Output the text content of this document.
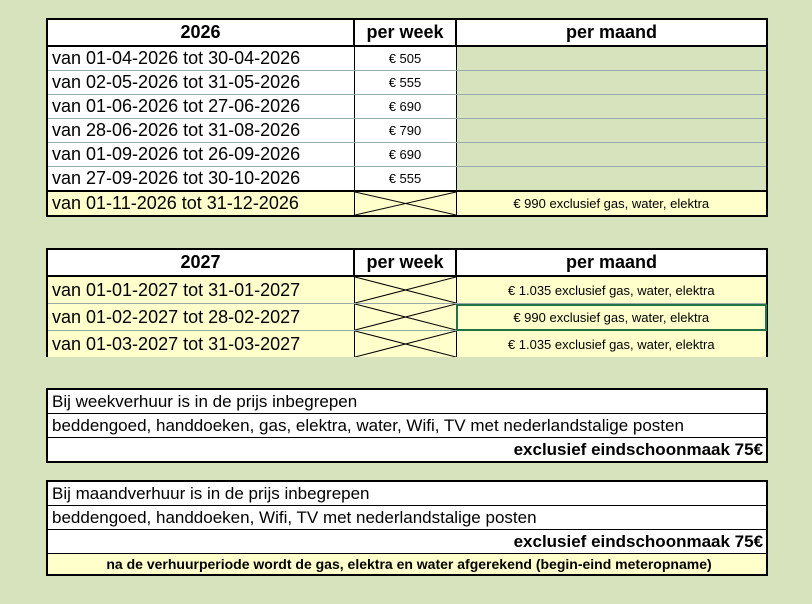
2026	per week	per maand
van 01-04-2026 tot 30-04-2026	€ 505	
van 02-05-2026 tot 31-05-2026	€ 555	
van 01-06-2026 tot 27-06-2026	€ 690	
van 28-06-2026 tot 31-08-2026	€ 790	
van 01-09-2026 tot 26-09-2026	€ 690	
van 27-09-2026 tot 30-10-2026	€ 555	
van 01-11-2026 tot 31-12-2026		€ 990 exclusief gas, water, elektra
2027	per week	per maand
van 01-01-2027 tot 31-01-2027		€ 1.035 exclusief gas, water, elektra
van 01-02-2027 tot 28-02-2027		€ 990 exclusief gas, water, elektra
van 01-03-2027 tot 31-03-2027		€ 1.035 exclusief gas, water, elektra
Bij weekverhuur is in de prijs inbegrepen
beddengoed, handdoeken, gas, elektra, water, Wifi, TV met nederlandstalige posten
exclusief eindschoonmaak 75€
Bij maandverhuur is in de prijs inbegrepen
beddengoed, handdoeken, Wifi, TV met nederlandstalige posten
exclusief eindschoonmaak 75€
na de verhuurperiode wordt de gas, elektra en water afgerekend (begin-eind meteropname)
